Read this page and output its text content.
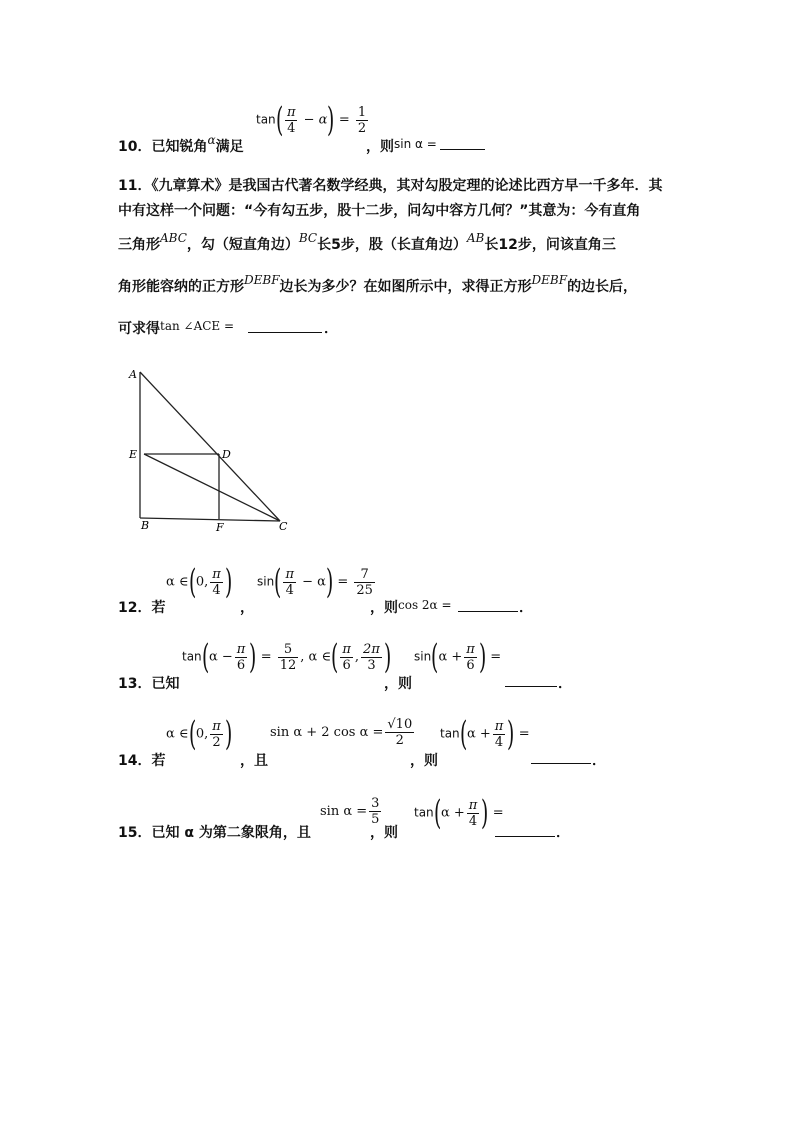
10．已知锐角α满足
$\tan( \frac{\pi}{4} - \alpha) = \frac{1}{2}$
，则sin α =
11．《九章算术》是我国古代著名数学经典，其对勾股定理的论述比西方早一千多年．其
中有这样一个问题：“今有勾五步，股十二步，问勾中容方几何？”其意为：今有直角
三角形ABC，勾（短直角边）BC长5步，股（长直角边）AB长12步，问该直角三
角形能容纳的正方形DEBF边长为多少？在如图所示中，求得正方形DEBF的边长后，
可求得tan ∠ACE =	．
A
E	D
B	F	C
12．若
α ∈(0, $\frac{\pi}{4}$ )
，
$\sin( \frac{\pi}{4} - \alpha) = \frac{7}{25}$
，则cos 2α =	．
13．已知
$\tan(\alpha - \frac{\pi}{6}$ ) = $\frac{5}{12}$ , α ∈( $\frac{\pi}{6}$ , $\frac{2\pi}{3}$ )
，则
$\sin(\alpha + \frac{\pi}{6}$ ) =
．
14．若
α ∈(0, $\frac{\pi}{2}$ )
，且
sin α + 2 $\cos \alpha = \frac{√10}{2}$
，则
$\tan(\alpha + \frac{\pi}{4}$ ) =
．
15．已知 α 为第二象限角，且
$\sin \alpha = \frac{3}{5}$
，则
$\tan(\alpha + \frac{\pi}{4}$ ) =
．
